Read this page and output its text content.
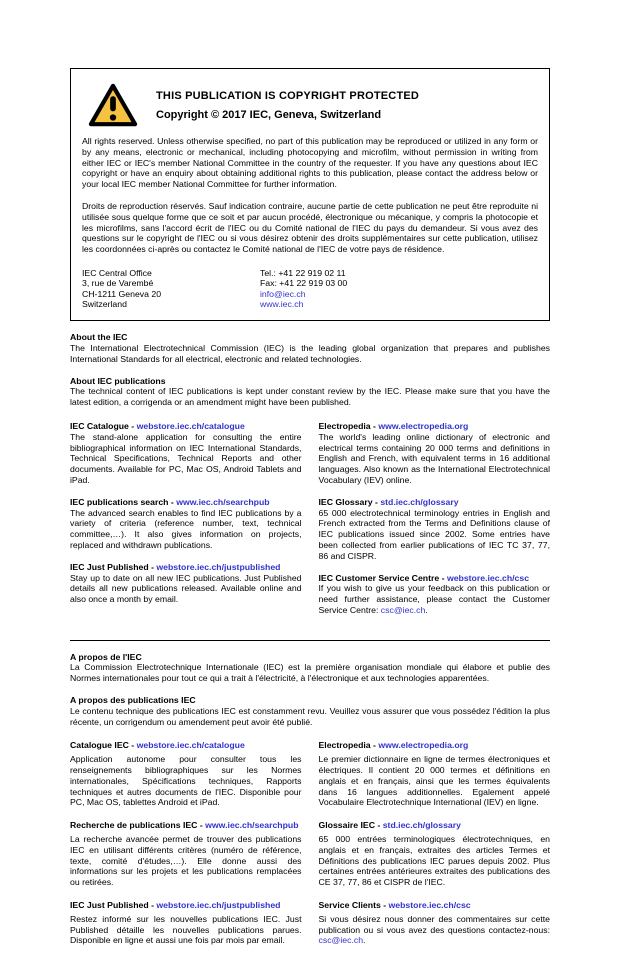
THIS PUBLICATION IS COPYRIGHT PROTECTED
Copyright © 2017 IEC, Geneva, Switzerland

All rights reserved. Unless otherwise specified, no part of this publication may be reproduced or utilized in any form or by any means, electronic or mechanical, including photocopying and microfilm, without permission in writing from either IEC or IEC's member National Committee in the country of the requester. If you have any questions about IEC copyright or have an enquiry about obtaining additional rights to this publication, please contact the address below or your local IEC member National Committee for further information.

Droits de reproduction réservés. Sauf indication contraire, aucune partie de cette publication ne peut être reproduite ni utilisée sous quelque forme que ce soit et par aucun procédé, électronique ou mécanique, y compris la photocopie et les microfilms, sans l'accord écrit de l'IEC ou du Comité national de l'IEC du pays du demandeur. Si vous avez des questions sur le copyright de l'IEC ou si vous désirez obtenir des droits supplémentaires sur cette publication, utilisez les coordonnées ci-après ou contactez le Comité national de l'IEC de votre pays de résidence.

IEC Central Office
3, rue de Varembé
CH-1211 Geneva 20
Switzerland
Tel.: +41 22 919 02 11
Fax: +41 22 919 03 00
info@iec.ch
www.iec.ch
About the IEC

The International Electrotechnical Commission (IEC) is the leading global organization that prepares and publishes International Standards for all electrical, electronic and related technologies.

About IEC publications

The technical content of IEC publications is kept under constant review by the IEC. Please make sure that you have the latest edition, a corrigenda or an amendment might have been published.

IEC Catalogue - webstore.iec.ch/catalogue

The stand-alone application for consulting the entire bibliographical information on IEC International Standards, Technical Specifications, Technical Reports and other documents. Available for PC, Mac OS, Android Tablets and iPad.

IEC publications search - www.iec.ch/searchpub

The advanced search enables to find IEC publications by a variety of criteria (reference number, text, technical committee,…). It also gives information on projects, replaced and withdrawn publications.

IEC Just Published - webstore.iec.ch/justpublished

Stay up to date on all new IEC publications. Just Published details all new publications released. Available online and also once a month by email.

Electropedia - www.electropedia.org

The world's leading online dictionary of electronic and electrical terms containing 20 000 terms and definitions in English and French, with equivalent terms in 16 additional languages. Also known as the International Electrotechnical Vocabulary (IEV) online.

IEC Glossary - std.iec.ch/glossary

65 000 electrotechnical terminology entries in English and French extracted from the Terms and Definitions clause of IEC publications issued since 2002. Some entries have been collected from earlier publications of IEC TC 37, 77, 86 and CISPR.

IEC Customer Service Centre - webstore.iec.ch/csc

If you wish to give us your feedback on this publication or need further assistance, please contact the Customer Service Centre: csc@iec.ch.

A propos de l'IEC

La Commission Electrotechnique Internationale (IEC) est la première organisation mondiale qui élabore et publie des Normes internationales pour tout ce qui a trait à l'électricité, à l'électronique et aux technologies apparentées.

A propos des publications IEC

Le contenu technique des publications IEC est constamment revu. Veuillez vous assurer que vous possédez l'édition la plus récente, un corrigendum ou amendement peut avoir été publié.

Catalogue IEC - webstore.iec.ch/catalogue

Application autonome pour consulter tous les renseignements bibliographiques sur les Normes internationales, Spécifications techniques, Rapports techniques et autres documents de l'IEC. Disponible pour PC, Mac OS, tablettes Android et iPad.

Recherche de publications IEC - www.iec.ch/searchpub

La recherche avancée permet de trouver des publications IEC en utilisant différents critères (numéro de référence, texte, comité d'études,…). Elle donne aussi des informations sur les projets et les publications remplacées ou retirées.

IEC Just Published - webstore.iec.ch/justpublished

Restez informé sur les nouvelles publications IEC. Just Published détaille les nouvelles publications parues. Disponible en ligne et aussi une fois par mois par email.

Electropedia - www.electropedia.org

Le premier dictionnaire en ligne de termes électroniques et électriques. Il contient 20 000 termes et définitions en anglais et en français, ainsi que les termes équivalents dans 16 langues additionnelles. Egalement appelé Vocabulaire Electrotechnique International (IEV) en ligne.

Glossaire IEC - std.iec.ch/glossary

65 000 entrées terminologiques électrotechniques, en anglais et en français, extraites des articles Termes et Définitions des publications IEC parues depuis 2002. Plus certaines entrées antérieures extraites des publications des CE 37, 77, 86 et CISPR de l'IEC.

Service Clients - webstore.iec.ch/csc

Si vous désirez nous donner des commentaires sur cette publication ou si vous avez des questions contactez-nous: csc@iec.ch.
